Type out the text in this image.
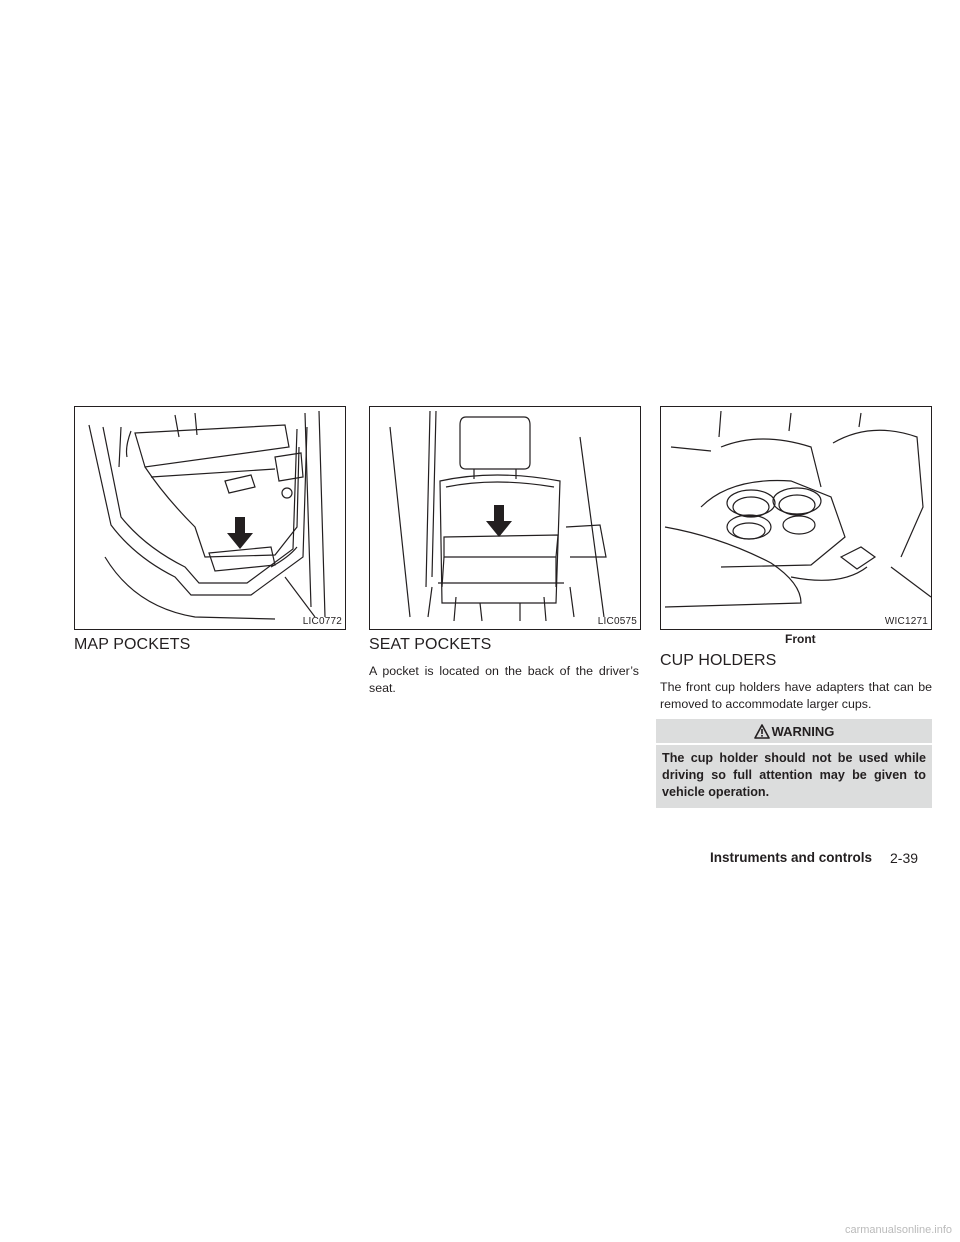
LIC0772	LIC0575	WIC1271
Front
MAP POCKETS	SEAT POCKETS

A pocket is located on the back of the driver’s seat.

CUP HOLDERS

The front cup holders have adapters that can be removed to accommodate larger cups.

WARNING

The cup holder should not be used while driving so full attention may be given to vehicle operation.

Instruments and controls 2-39
carmanualsonline.info
